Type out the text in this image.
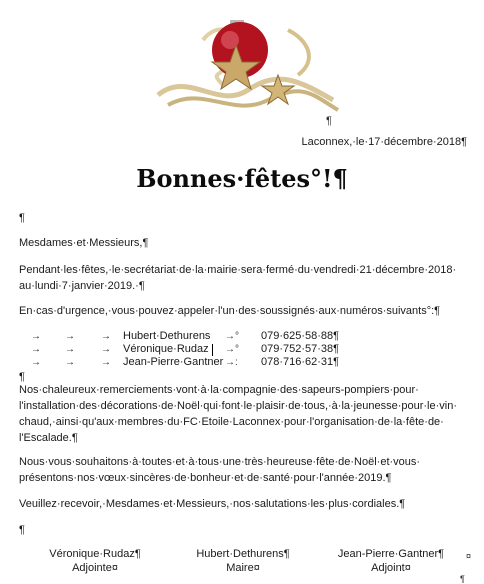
¶
Laconnex,·le·17·décembre·2018¶
Bonnes·fêtes°!¶
¶
Mesdames·et·Messieurs,¶
Pendant·les·fêtes,·le·secrétariat·de·la·mairie·sera·fermé·du·vendredi·21·décembre·2018·
au·lundi·7·janvier·2019.·¶
En·cas·d'urgence,·vous·pouvez·appeler·l'un·des·soussignés·aux·numéros·suivants°:¶
→ →	→ Hubert·Dethurens →° 079·625·58·88¶
→ →	→ Véronique·Rudaz →° 079·752·57·38¶
→ →	→ Jean-Pierre·Gantner →: 078·716·62·31¶
¶
Nos·chaleureux·remerciements·vont·à·la·compagnie·des·sapeurs-pompiers·pour·
l'installation·des·décorations·de·Noël·qui·font·le·plaisir·de·tous,·à·la·jeunesse·pour·le·vin·
chaud,·ainsi·qu'aux·membres·du·FC·Etoile·Laconnex·pour·l'organisation·de·la·fête·de·
l'Escalade.¶
Nous·vous·souhaitons·à·toutes·et·à·tous·une·très·heureuse·fête·de·Noël·et·vous·
présentons·nos·vœux·sincères·de·bonheur·et·de·santé·pour·l'année·2019.¶
Veuillez·recevoir,·Mesdames·et·Messieurs,·nos·salutations·les·plus·cordiales.¶
¶
Véronique·Rudaz¶
Adjointe¤
Hubert·Dethurens¶
Maire¤
Jean-Pierre·Gantner¶
Adjoint¤
¤
¶
